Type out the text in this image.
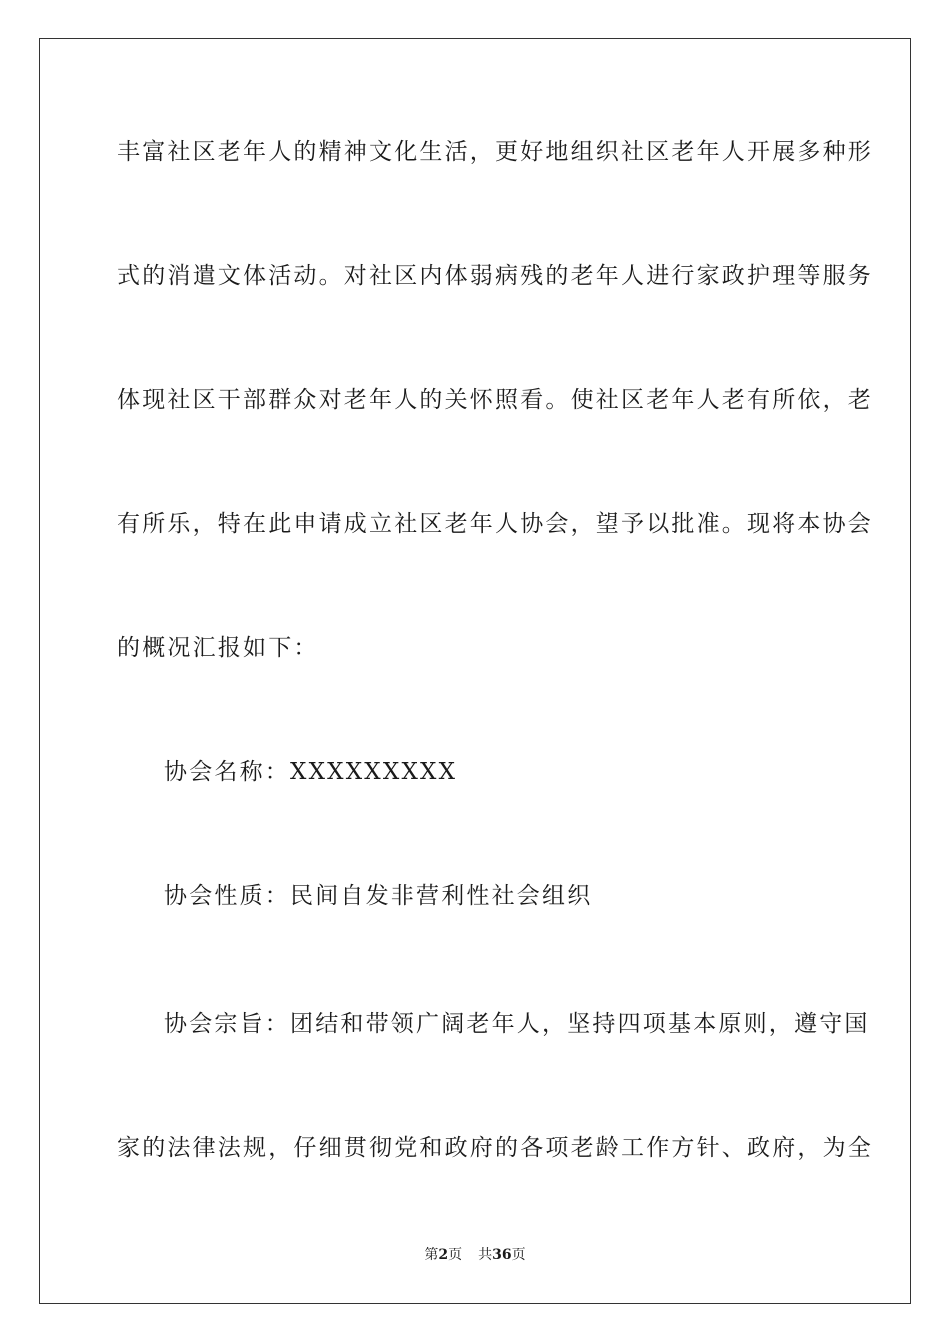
丰富社区老年人的精神文化生活，更好地组织社区老年人开展多种形
式的消遣文体活动。对社区内体弱病残的老年人进行家政护理等服务
体现社区干部群众对老年人的关怀照看。使社区老年人老有所依，老
有所乐，特在此申请成立社区老年人协会，望予以批准。现将本协会
的概况汇报如下：
协会名称：XXXXXXXXX
协会性质：民间自发非营利性社会组织
协会宗旨：团结和带领广阔老年人，坚持四项基本原则，遵守国
家的法律法规，仔细贯彻党和政府的各项老龄工作方针、政府，为全
第2页 共36页
